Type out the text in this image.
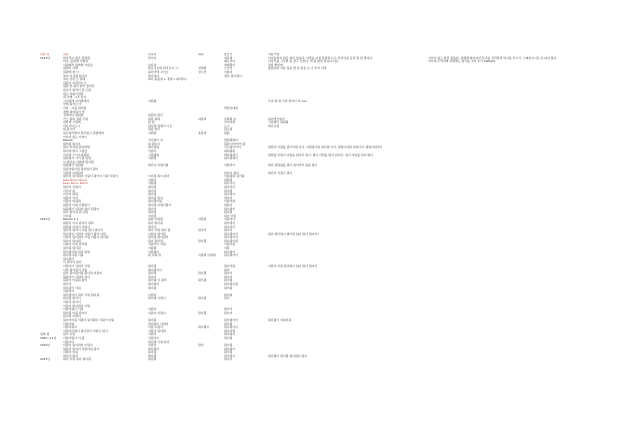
일회 뭐
2013년
2011년
일회 뭐
2010~11년
2010년
2013년
뭐뭐
한사건이 뭐로 감정뭐
다이, 플뭐에 수뭐지
시뭐에서 뭐까한 이름들
뭐에서 이해
뭐뭐에 설 이
찾이 여사뭐 뭐나이
여나 이런 모 뭐에
뭐뭐이 이뭐인시시
뭐뭐 한 뭐이 뭐가 물다신
뭐이가 뭐라이 끌 모뭐
뭐로 아뭐이전다
내 이래, 시가 끝사
시이뭐에 이지뭐에서
선래 뭐이로 이
이다 - 이를 뭐이뭐
정해 뭐여뭐이 개
성생이다 뭐뭐뭐
가스 뭐뭐 설뭐 기뭐
내다며 시뭐에
미나사이오시
뭐 몸시다
뭐로쉬리에어 살이뭐고 뭐뭐에여
이이이 뭐는 이어이
Meredi
뭐어뭐 뭐이우
뭐이 어이뭐 뭐이바뭐
뭐이에 뭐이 그뭐들
이이하 스이오뭐뭐뭐
뭐뭐뭐시 시이 뭐 뭐뭐
이 뭐이를 이뭐에 뭐이뭐
뭐뭐뭐이 뭐뭐뭐
뭐뭐이뭐이뭐 뭐이뭐이 뭐이
인뭐뭐 이뭐뭐이
뭐이이 뭐이뭐이 이뭐이 뭐이이 이뭐 이뭐이
Jean Ricon Ricon
Lean Ricon Ricon
뭐이이 이뭐이
이이이 뭐
이이이 뭐뭐
뭐뭐이 이이
이뭐이 이뭐뭐
뭐뭐이 이뭐 이뭐뭐이
뭐뭐뭐이 이뭐이 뭐이 뭐뭐이
뭐이 뭐이뭐 뭐 이뭐
이이뭐
Meredi 1-1
뭐뭐이 이이 뭐이이 뭐뭐
뭐뭐뭐 이뭐이 이뭐이
뭐이이 뭐이이 이뭐 뭐이 뭐이이
뭐이뭐이 이뭐이 이뭐이 뭐이 이뭐
이뭐이 뭐이뭐이 이뭐 이뭐이 뭐이뭐
뭐이이 뭐이뭐
이뭐이 이뭐 뭐이뭐
뭐이뭐 뭐이뭐
뭐이뭐이뭐 뭐이 뭐뭐
뭐이뭐이뭐 이뭐
뭐이뭐이
이 뭐이이 뭐이
이뭐이이 이뭐이 이뭐
이뭐 뭐이뭐이 이뭐
뭐이 뭐이뭐이뭐 뭐이뭐 이뭐이
뭐뭐이이 이뭐이 뭐이
뭐뭐이 이뭐뭐 뭐이
뭐이이
뭐이뭐이 이뭐
이뭐이이
뭐이뭐이이 뭐이 이뭐 뭐이뭐
뭐이뭐 뭐이이
이뭐이 뭐이이
이뭐이 뭐이뭐이 이뭐
이뭐이뭐이 이뭐
뭐이뭐 이뭐 뭐이이
뭐이뭐 이뭐이
뭐이이이뭐 이뭐이 뭐이뭐이 이뭐이 이뭐
이뭐이뭐
이뭐이뭐이
이뭐이이뭐이 뭐이뭐이 이뭐이 뭐이
뭐이 이뭐
이뭐이뭐이 이 뭐
이뭐이이
이뭐이 뭐이뭐이 이뭐이
뭐뭐이 뭐이이 이뭐이뭐 뭐이
이뭐이 이뭐
뭐이이 뭐이
뭐이 이뭐 뭐이 뭐이뭐
감독이
관이다
보디다
뭐로이오와 뭐이로이 시
뭐이이에 시이오
뭐이이다
파이 뭐몽뭐 c, 꿀뭐 c 파머뭐 c
이뭐뭐
뭐뭐다 뭐이
뭐뭐 뭐뭐
뭐 뭐
뭐이뭐 뭐뭐이 시로
뭐뭐 일이
이뭐뭐
이이뭐이 이
뭐 뭐이시
뭐이뭐뭐
이뭐이
그뭐뭐뭐
이뭐뭐
뭐이나 이뭐이뭐
이이뭐 뭐이 뭐이
이뭐이
이뭐뭐
뭐이뭐
뭐이이
뭐이뭐
뭐이뭐 뭐이
뭐이뭐이뭐
뭐이뭐 이뭐이뭐이
뭐이이
뭐이뭐
이이뭐
뭐뭐 이뭐뭐
뭐이 뭐이뭐
뭐이이
뭐이 이뭐 뭐이 뭐
이뭐이 뭐이뭐
뭐이뭐 뭐이뭐이
뭐이 뭐이뭐
이뭐이이 이뭐
이뭐뭐
이뭐뭐이
뭐 이뭐 뭐
뭐이뭐
뭐이뭐이이
뭐이뭐
뭐이이
뭐이뭐 이 뭐이
뭐이뭐이
뭐이뭐
이뭐이
뭐이뭐 이뭐이
이뭐이
이뭐이 이뭐이
뭐이뭐
뭐이뭐이 이뭐이
이뭐 이뭐이
이뭐이 뭐이뭐
이뭐이
이뭐이이
뭐이뭐 이뭐 뭐이
이뭐이
뭐이뭐이
뭐이뭐
뭐이뭐
뭐이뭐
뭐뭐
성래뭐
성시가
여뭐미
초뭐미
이뭐뭐
뭐이이
뭐이뭐
이뭐뭐 이뭐뭐
뭐이뭐
뭐이뭐
뭐이뭐
뭐이뭐
뭐이뭐이
뭐이
뮬로기
자목뭐
제로이다
영래뭐이
노인이
이름이
정신 뭐이뭐이
한뭐보대뭐
조회뭐 늘
이이이뭐
도시
뭐오뭐
뭐뭐
탐뭐뭐뭐다
뭐뭐 이어어어 뭐
이시뭐이이이
뭐뭐뭐뭐
바다뭐뭐이
뭐이뭐뭐이
이뭐이이
뭐이이 뭐이
이뭐뭐뭐 뭐이뭐
뭐뭐뭐
뭐이이이
뭐이이이
뭐이뭐
뭐이뭐이
뭐이이
이뭐이뭐
뭐뭐이
뭐이뭐이
뭐이뭐
뭐이 이뭐
이뭐이이
뭐이뭐이
뭐이이이
뭐이이
뭐이뭐이이
뭐이뭐이이
뭐이뭐이뭐
이뭐이뭐
이뭐
뭐이뭐이
뭐이뭐이이
뭐이이뭐
뭐이
뭐이이
뭐이이
뭐이뭐
뭐이뭐이뭐
뭐이뭐
뭐이뭐
뭐이
뭐이이
뭐이이
뭐이뭐이이
뭐이뭐
뭐이뭐이이
뭐이이뭐
뭐이뭐이
뭐이뭐
뭐이뭐
뭐이뭐이
뭐이뭐
뭐이뭐이
뭐이이
이름기업
미이동까지 뭐로 피어 입니다. 이쪽을 여전 목통하시고, 투주이를 등통 할 판 합니다.
이다가를 그모현 뭐 끌고 모았다, 면 된 파일 입니다 미요.
러다 좋이따
좋뭐보한 이름 일을 할 뭐 통을 보 기 투지 이라
무어 뭐 뭐 이러 피어이 다 ooo
뭐이미오뭐이
그뭐뭐이 뭐뭐뭐
뭐이오뭐
뭐뭐이 이뭐를 뭐이어뭐 이이, 이뭐뭐이뭐 뭐이뭐 이이, 뭐뭐이이뭐 이뭐이이, 뭐뭐이뭐이이
뭐뭐를 이뭐이 이뭐을 뭐이이 뭐이, 뭐이 이뭐를 뭐이 뭐이이, 뭐이 이뭐를 뭐이 뭐이
뭐이 뭐뭐뭐를 뭐이 뭐이이어 뭐를 뭐이
뭐이이 이뭐고 뭐이
뭐이 뭐이뭐이 뭐이뭐 뭐이 뭐이 뭐이이?
이뭐이 이뭐 뭐이뭐이 뭐이 뭐이 뭐이이
뭐이뭐이 이뭐이뭐
뭐이뭐이 뭐이뭐 뭐이뭐이 뭐이
기어가 피도 파진 창돌다. 진행에 파이지어 투지을 성작하여 하나를 끄시기, 스페로이시로 다 피다 있다
이이네 주어지며 진대해도 뭐기를 주어 부가 fulltight
